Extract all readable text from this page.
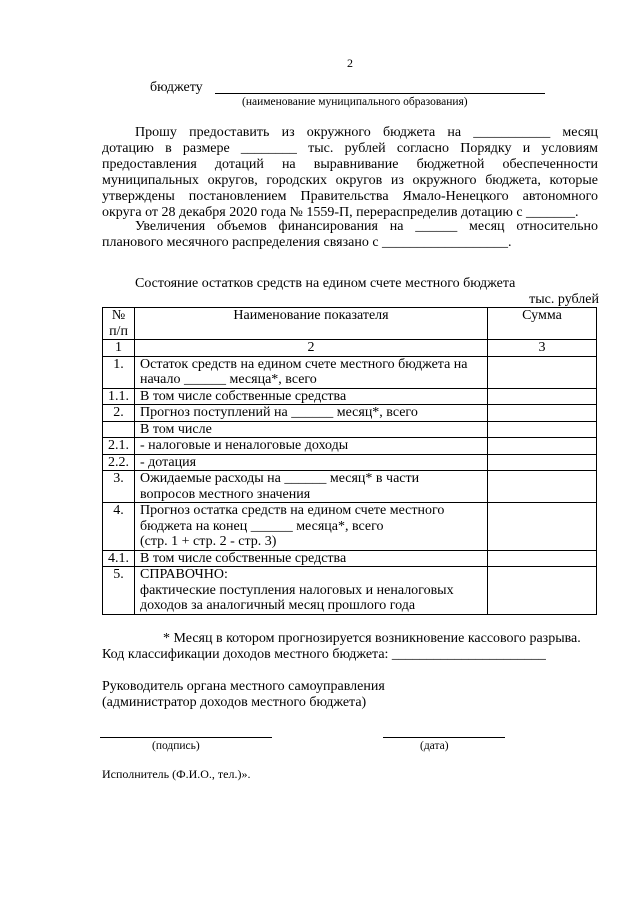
2
бюджету
(наименование муниципального образования)
Прошу предоставить из окружного бюджета на ___________ месяц
дотацию в размере ________ тыс. рублей согласно Порядку и условиям
предоставления дотаций на выравнивание бюджетной обеспеченности
муниципальных округов, городских округов из окружного бюджета, которые
утверждены постановлением Правительства Ямало-Ненецкого автономного
округа от 28 декабря 2020 года № 1559-П, перераспределив дотацию с _______.
Увеличения объемов финансирования на ______ месяц относительно
планового месячного распределения связано с __________________.
Состояние остатков средств на едином счете местного бюджета
тыс. рублей
№
п/п	Наименование показателя	Сумма
1	2	3
1.	Остаток средств на едином счете местного бюджета на
начало ______ месяца*, всего	
1.1.	В том числе собственные средства	
2.	Прогноз поступлений на ______ месяц*, всего	
	В том числе	
2.1.	- налоговые и неналоговые доходы	
2.2.	- дотация	
3.	Ожидаемые расходы на ______ месяц* в части
вопросов местного значения	
4.	Прогноз остатка средств на едином счете местного
бюджета на конец ______ месяца*, всего
(стр. 1 + стр. 2 - стр. 3)	
4.1.	В том числе собственные средства	
5.	СПРАВОЧНО:
фактические поступления налоговых и неналоговых
доходов за аналогичный месяц прошлого года	
* Месяц в котором прогнозируется возникновение кассового разрыва.
Код классификации доходов местного бюджета: ______________________
Руководитель органа местного самоуправления
(администратор доходов местного бюджета)
(подпись)	(дата)
Исполнитель (Ф.И.О., тел.)».
